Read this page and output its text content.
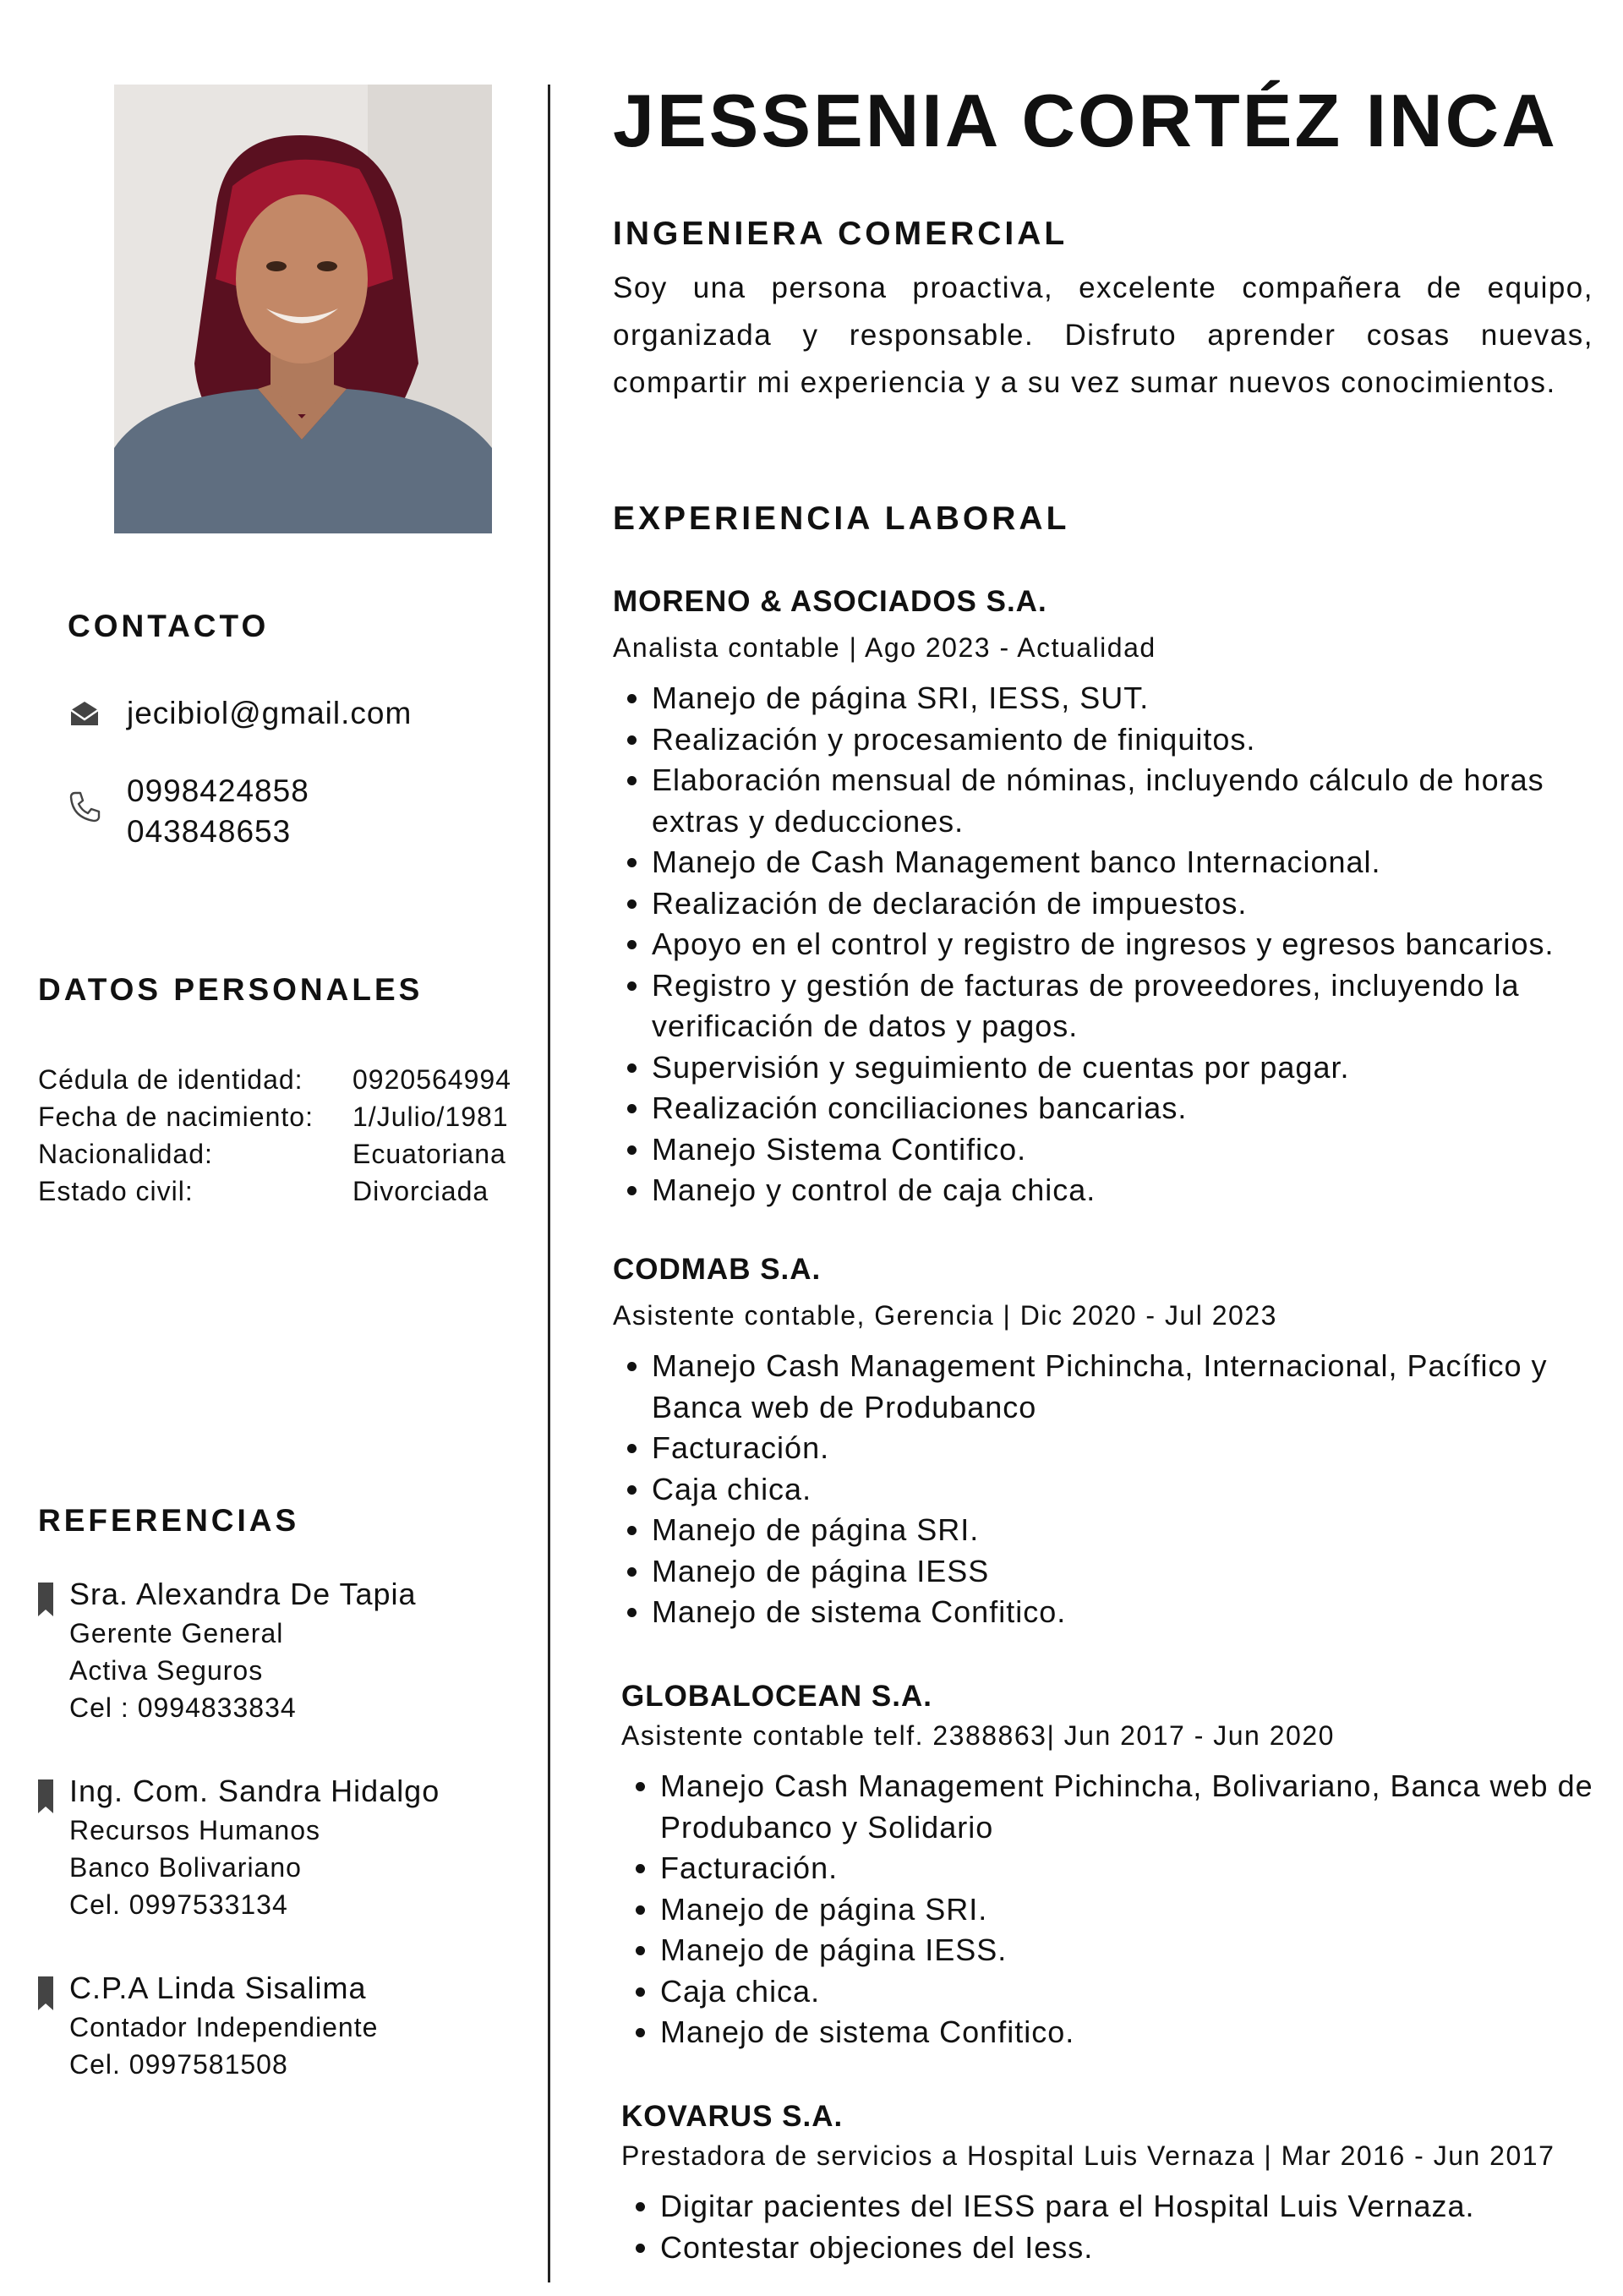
CONTACTO
jecibiol@gmail.com
0998424858
043848653
DATOS PERSONALES
Cédula de identidad:	0920564994
Fecha de nacimiento:	1/Julio/1981
Nacionalidad:	Ecuatoriana
Estado civil:	Divorciada
REFERENCIAS
Sra. Alexandra De Tapia
Gerente General
Activa Seguros
Cel : 0994833834
Ing. Com. Sandra Hidalgo
Recursos Humanos
Banco Bolivariano
Cel. 0997533134
C.P.A Linda Sisalima
Contador Independiente
Cel. 0997581508
JESSENIA CORTÉZ INCA
INGENIERA COMERCIAL

Soy una persona proactiva, excelente compañera de equipo, organizada y responsable. Disfruto aprender cosas nuevas, compartir mi experiencia y a su vez sumar nuevos conocimientos.

EXPERIENCIA LABORAL
MORENO & ASOCIADOS S.A.
Analista contable | Ago 2023 - Actualidad
• Manejo de página SRI, IESS, SUT.
• Realización y procesamiento de finiquitos.
• Elaboración mensual de nóminas, incluyendo cálculo de horas extras y deducciones.
• Manejo de Cash Management banco Internacional.
• Realización de declaración de impuestos.
• Apoyo en el control y registro de ingresos y egresos bancarios.
• Registro y gestión de facturas de proveedores, incluyendo la verificación de datos y pagos.
• Supervisión y seguimiento de cuentas por pagar.
• Realización conciliaciones bancarias.
• Manejo Sistema Contifico.
• Manejo y control de caja chica.
CODMAB S.A.
Asistente contable, Gerencia | Dic 2020 - Jul 2023
• Manejo Cash Management Pichincha, Internacional, Pacífico y Banca web de Produbanco
• Facturación.
• Caja chica.
• Manejo de página SRI.
• Manejo de página IESS
• Manejo de sistema Confitico.
GLOBALOCEAN S.A.
Asistente contable telf. 2388863| Jun 2017 - Jun 2020
• Manejo Cash Management Pichincha, Bolivariano, Banca web de Produbanco y Solidario
• Facturación.
• Manejo de página SRI.
• Manejo de página IESS.
• Caja chica.
• Manejo de sistema Confitico.
KOVARUS S.A.
Prestadora de servicios a Hospital Luis Vernaza | Mar 2016 - Jun 2017
• Digitar pacientes del IESS para el Hospital Luis Vernaza.
• Contestar objeciones del Iess.
